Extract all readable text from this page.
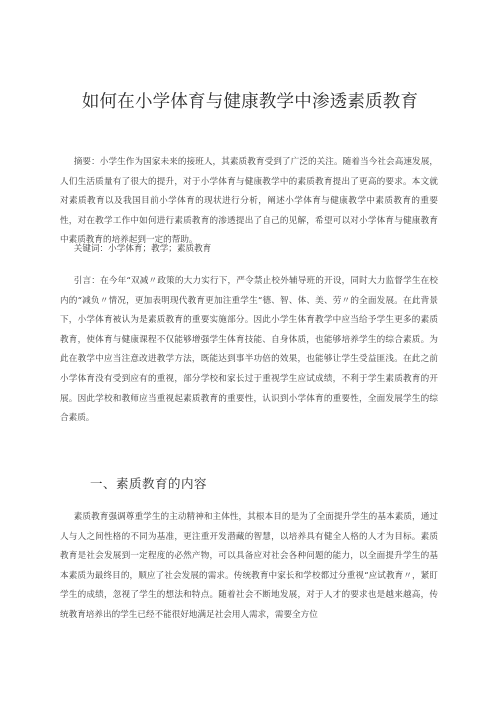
如何在小学体育与健康教学中渗透素质教育

摘要：小学生作为国家未来的接班人，其素质教育受到了广泛的关注。随着当今社会高速发展，人们生活质量有了很大的提升，对于小学体育与健康教学中的素质教育提出了更高的要求。本文就对素质教育以及我国目前小学体育的现状进行分析，阐述小学体育与健康教学中素质教育的重要性，对在教学工作中如何进行素质教育的渗透提出了自己的见解，希望可以对小学体育与健康教育中素质教育的培养起到一定的帮助。

关键词：小学体育；教学；素质教育

引言：在今年“双减〃政策的大力实行下，严令禁止校外辅导班的开设，同时大力监督学生在校内的“减负〃情况，更加表明现代教育更加注重学生“德、智、体、美、劳〃的全面发展。在此背景下，小学体育被认为是素质教育的重要实施部分。因此小学生体育教学中应当给予学生更多的素质教育，使体育与健康课程不仅能够增强学生体育技能、自身体质，也能够培养学生的综合素质。为此在教学中应当注意改进教学方法，既能达到事半功倍的效果，也能够让学生受益匪浅。在此之前小学体育没有受到应有的重视，部分学校和家长过于重视学生应试成绩，不利于学生素质教育的开展。因此学校和教师应当重视起素质教育的重要性，认识到小学体育的重要性，全面发展学生的综合素质。

一、素质教育的内容

素质教育强调尊重学生的主动精神和主体性，其根本目的是为了全面提升学生的基本素质，通过人与人之间性格的不同为基准，更注重开发潜藏的智慧，以培养具有健全人格的人才为目标。素质教育是社会发展到一定程度的必然产物，可以具备应对社会各种问题的能力，以全面提升学生的基本素质为最终目的，顺应了社会发展的需求。传统教育中家长和学校都过分重视“应试教育〃，紧盯学生的成绩，忽视了学生的想法和特点。随着社会不断地发展，对于人才的要求也是越来越高，传统教育培养出的学生已经不能很好地满足社会用人需求，需要全方位
